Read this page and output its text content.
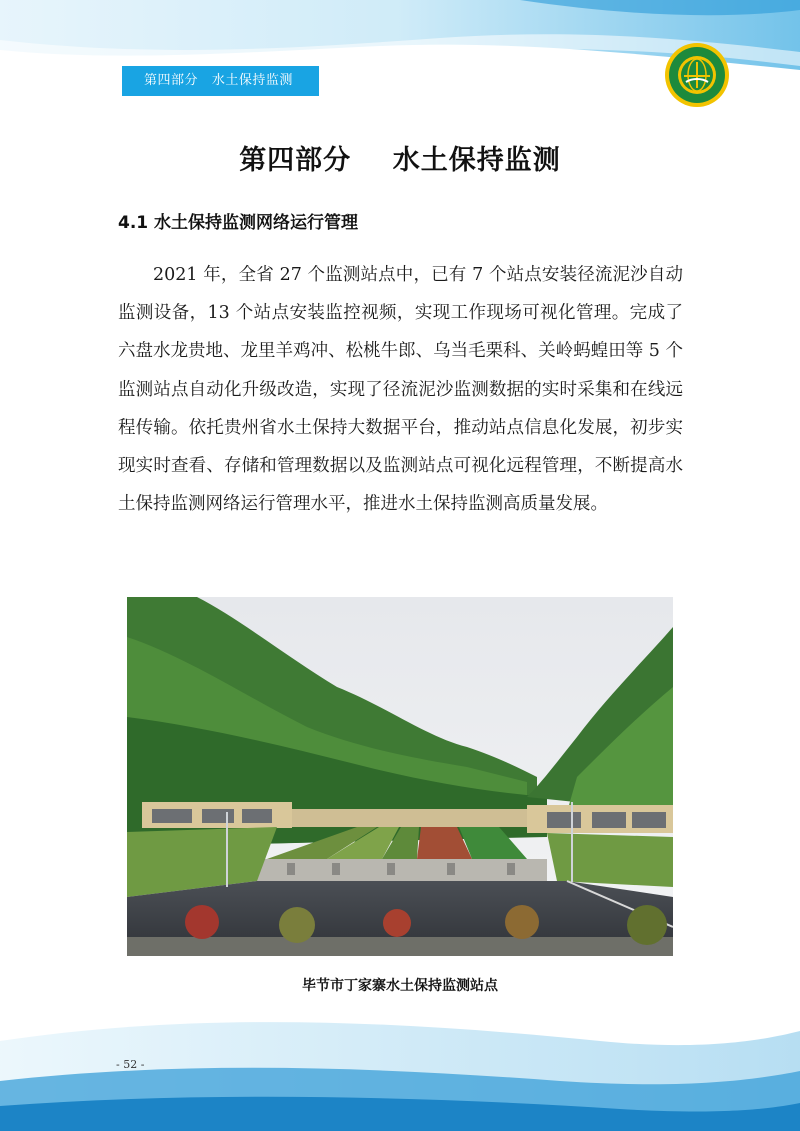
第四部分   水土保持监测
第四部分    水土保持监测
4.1 水土保持监测网络运行管理

2021 年，全省 27 个监测站点中，已有 7 个站点安装径流泥沙自动监测设备，13 个站点安装监控视频，实现工作现场可视化管理。完成了六盘水龙贵地、龙里羊鸡冲、松桃牛郎、乌当毛栗科、关岭蚂蝗田等 5 个监测站点自动化升级改造，实现了径流泥沙监测数据的实时采集和在线远程传输。依托贵州省水土保持大数据平台，推动站点信息化发展，初步实现实时查看、存储和管理数据以及监测站点可视化远程管理，不断提高水土保持监测网络运行管理水平，推进水土保持监测高质量发展。

毕节市丁家寨水土保持监测站点
- 52 -
